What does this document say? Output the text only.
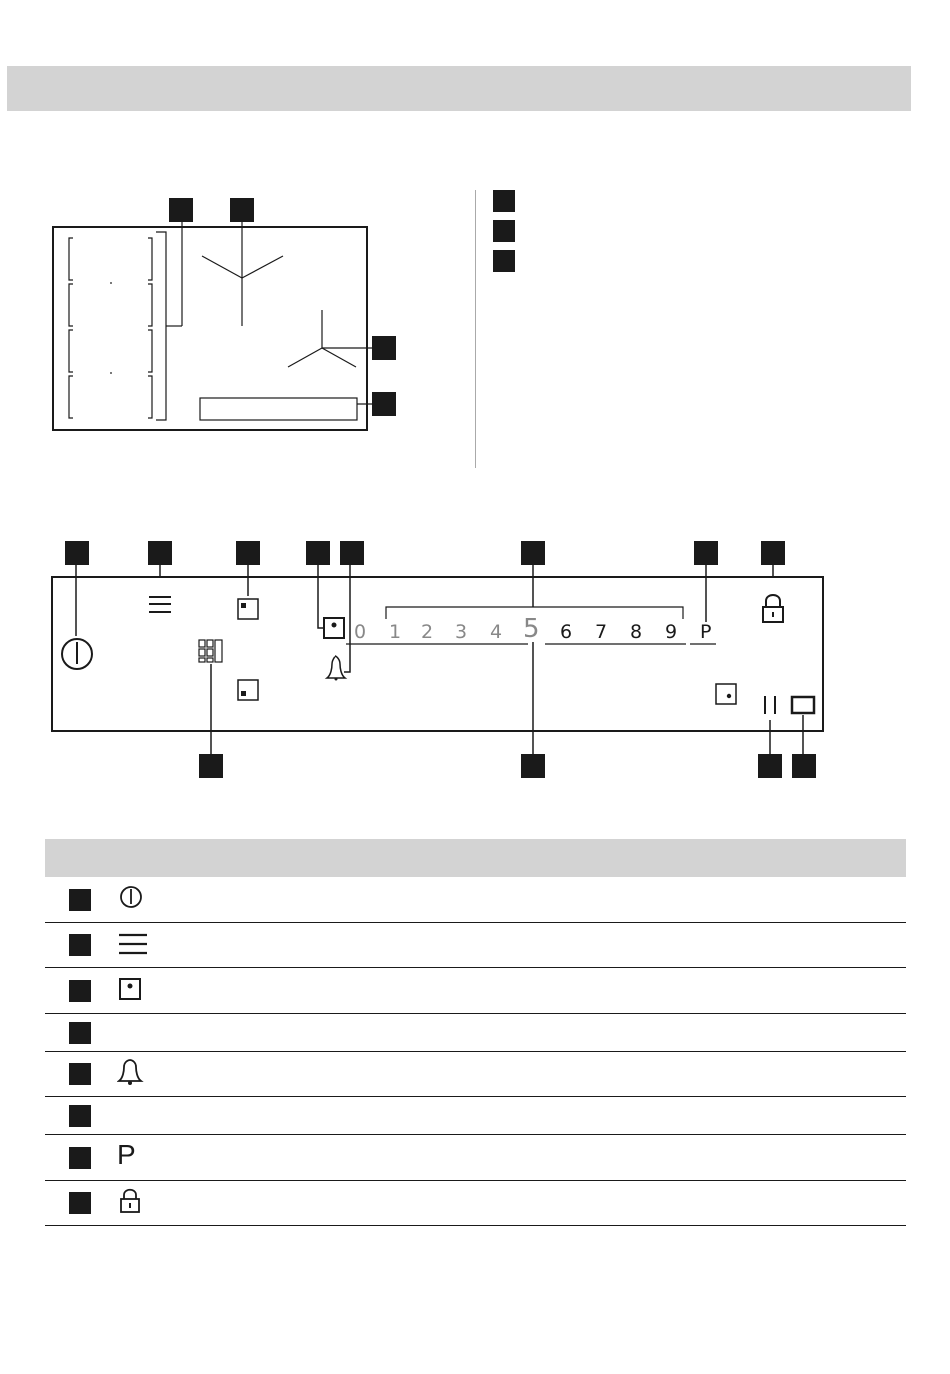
0 1 2 3 4 5 6 7 8 9 P
P
